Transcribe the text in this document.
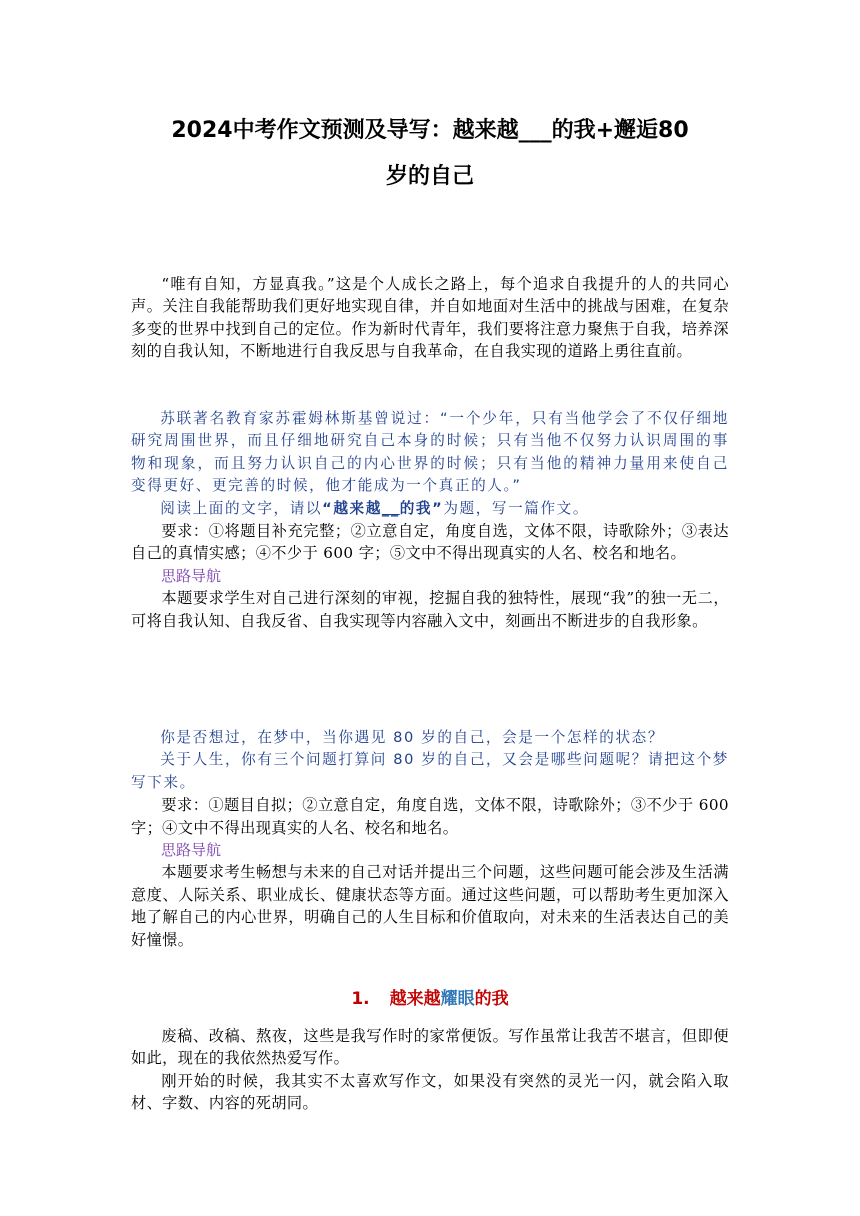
2024中考作文预测及导写：越来越___的我+邂逅80
岁的自己

“唯有自知，方显真我。”这是个人成长之路上，每个追求自我提升的人的共同心声。关注自我能帮助我们更好地实现自律，并自如地面对生活中的挑战与困难，在复杂多变的世界中找到自己的定位。作为新时代青年，我们要将注意力聚焦于自我，培养深刻的自我认知，不断地进行自我反思与自我革命，在自我实现的道路上勇往直前。

苏联著名教育家苏霍姆林斯基曾说过：“一个少年，只有当他学会了不仅仔细地研究周围世界，而且仔细地研究自己本身的时候；只有当他不仅努力认识周围的事物和现象，而且努力认识自己的内心世界的时候；只有当他的精神力量用来使自己变得更好、更完善的时候，他才能成为一个真正的人。”

阅读上面的文字，请以“越来越__的我”为题，写一篇作文。

要求：①将题目补充完整；②立意自定，角度自选，文体不限，诗歌除外；③表达自己的真情实感；④不少于 600 字；⑤文中不得出现真实的人名、校名和地名。

思路导航

本题要求学生对自己进行深刻的审视，挖掘自我的独特性，展现“我”的独一无二，可将自我认知、自我反省、自我实现等内容融入文中，刻画出不断进步的自我形象。

你是否想过，在梦中，当你遇见 80 岁的自己，会是一个怎样的状态？

关于人生，你有三个问题打算问 80 岁的自己，又会是哪些问题呢？请把这个梦写下来。

要求：①题目自拟；②立意自定，角度自选，文体不限，诗歌除外；③不少于 600 字；④文中不得出现真实的人名、校名和地名。

思路导航

本题要求考生畅想与未来的自己对话并提出三个问题，这些问题可能会涉及生活满意度、人际关系、职业成长、健康状态等方面。通过这些问题，可以帮助考生更加深入地了解自己的内心世界，明确自己的人生目标和价值取向，对未来的生活表达自己的美好憧憬。

1. 越来越耀眼的我

废稿、改稿、熬夜，这些是我写作时的家常便饭。写作虽常让我苦不堪言，但即便如此，现在的我依然热爱写作。

刚开始的时候，我其实不太喜欢写作文，如果没有突然的灵光一闪，就会陷入取材、字数、内容的死胡同。
